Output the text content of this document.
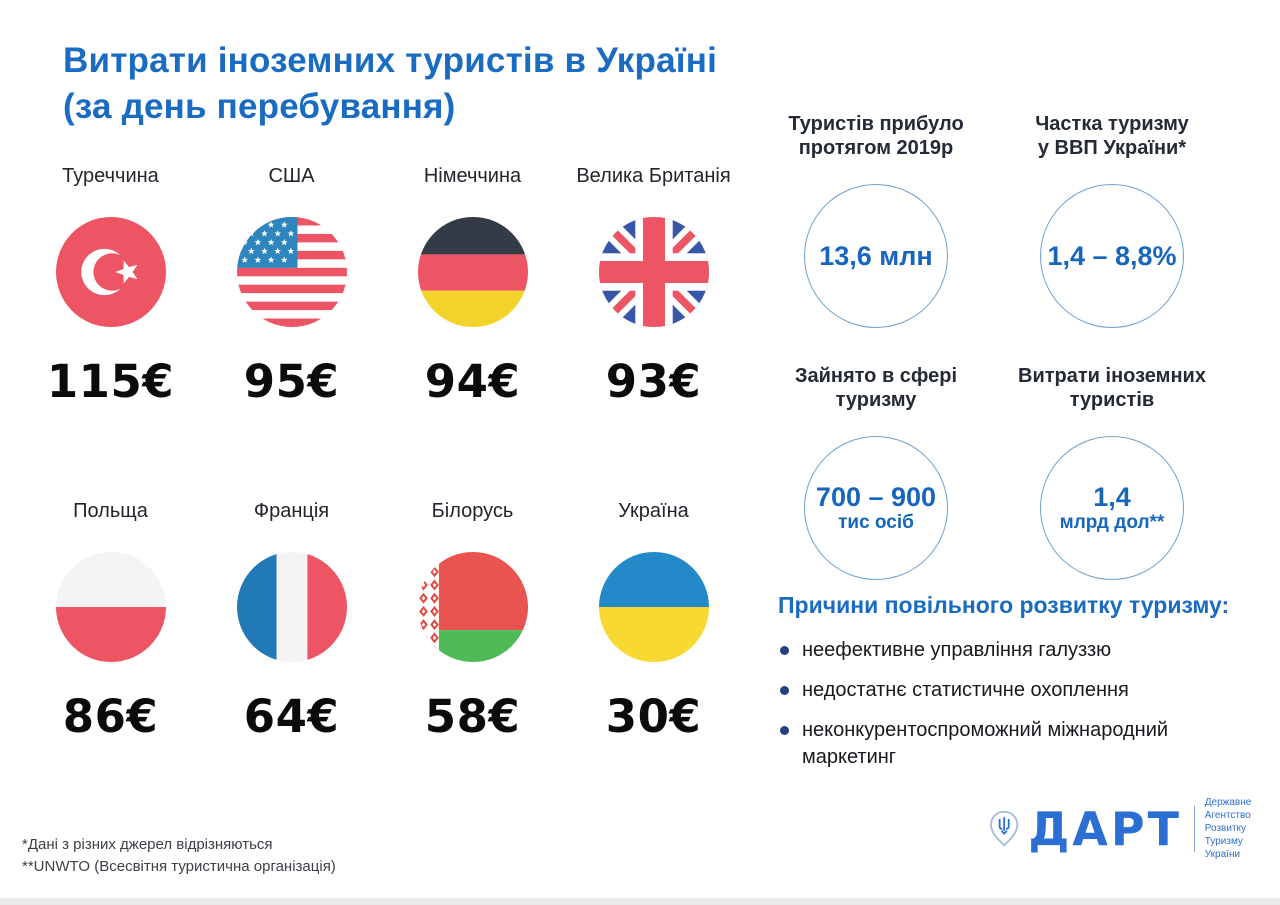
Витрати іноземних туристів в Україні
(за день перебування)
Туреччина
115€
США
95€
Німеччина
94€
Велика Британія
93€
Польща
86€
Франція
64€
Білорусь
58€
Україна
30€
Туристів прибуло
протягом 2019р
13,6 млн
Частка туризму
у ВВП України*
1,4 – 8,8%
Зайнято в сфері
туризму
700 – 900
тис осіб
Витрати іноземних
туристів
1,4
млрд дол**
Причини повільного розвитку туризму:
неефективне управління галуззю
недостатнє статистичне охоплення
неконкурентоспроможний міжнародний маркетинг
*Дані з різних джерел відрізняються
**UNWTO (Всесвітня туристична організація)
ДАРТ Державне Агентство
Розвитку Туризму
України
